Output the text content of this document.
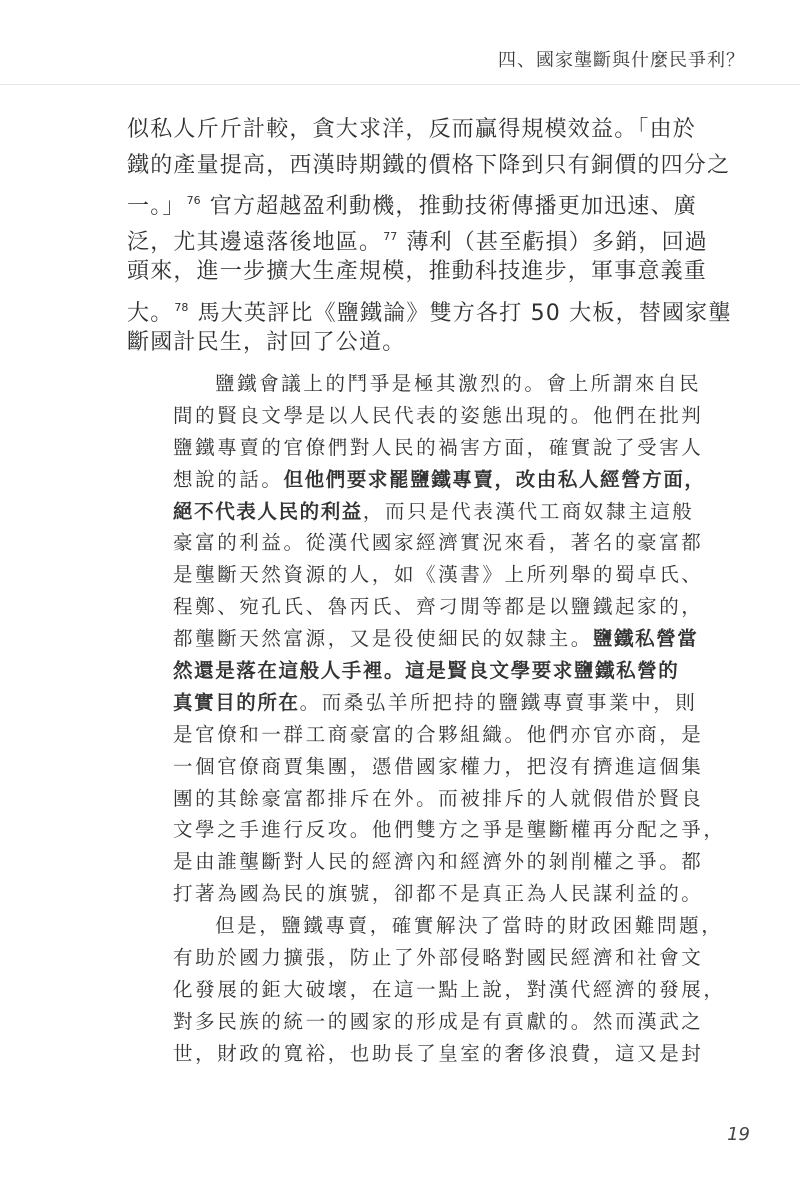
四、國家壟斷與什麼民爭利？
似私人斤斤計較，貪大求洋，反而贏得規模效益。「由於
鐵的產量提高，西漢時期鐵的價格下降到只有銅價的四分之
一。」$^{76}$ 官方超越盈利動機，推動技術傳播更加迅速、廣
泛，尤其邊遠落後地區。$^{77}$ 薄利（甚至虧損）多銷，回過
頭來，進一步擴大生產規模，推動科技進步，軍事意義重
大。$^{78}$ 馬大英評比《鹽鐵論》雙方各打 50 大板，替國家壟
斷國計民生，討回了公道。
鹽鐵會議上的鬥爭是極其激烈的。會上所謂來自民
間的賢良文學是以人民代表的姿態出現的。他們在批判
鹽鐵專賣的官僚們對人民的禍害方面，確實說了受害人
想說的話。但他們要求罷鹽鐵專賣，改由私人經營方面，
絕不代表人民的利益，而只是代表漢代工商奴隸主這般
豪富的利益。從漢代國家經濟實況來看，著名的豪富都
是壟斷天然資源的人，如《漢書》上所列舉的蜀卓氏、
程鄭、宛孔氏、魯丙氏、齊刁閒等都是以鹽鐵起家的，
都壟斷天然富源，又是役使細民的奴隸主。鹽鐵私營當
然還是落在這般人手裡。這是賢良文學要求鹽鐵私營的
真實目的所在。而桑弘羊所把持的鹽鐵專賣事業中，則
是官僚和一群工商豪富的合夥組織。他們亦官亦商，是
一個官僚商賈集團，憑借國家權力，把沒有擠進這個集
團的其餘豪富都排斥在外。而被排斥的人就假借於賢良
文學之手進行反攻。他們雙方之爭是壟斷權再分配之爭，
是由誰壟斷對人民的經濟內和經濟外的剝削權之爭。都
打著為國為民的旗號，卻都不是真正為人民謀利益的。
但是，鹽鐵專賣，確實解決了當時的財政困難問題，
有助於國力擴張，防止了外部侵略對國民經濟和社會文
化發展的鉅大破壞，在這一點上說，對漢代經濟的發展，
對多民族的統一的國家的形成是有貢獻的。然而漢武之
世，財政的寬裕，也助長了皇室的奢侈浪費，這又是封
19
